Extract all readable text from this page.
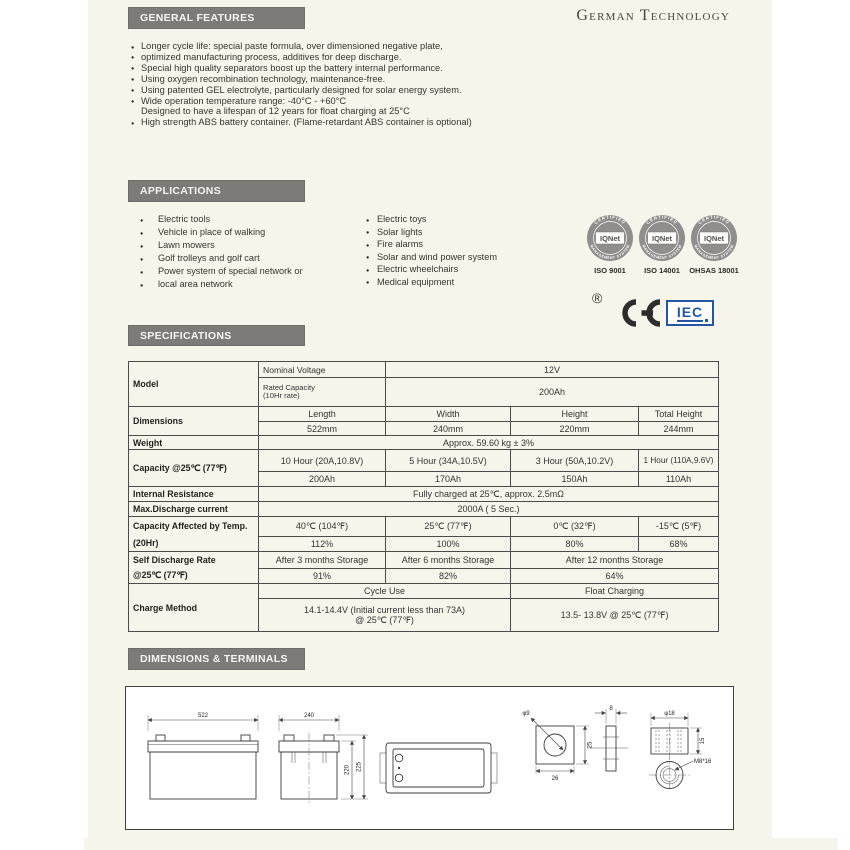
GENERAL FEATURES	German Technology
● Longer cycle life: special paste formula, over dimensioned negative plate,
● optimized manufacturing process, additives for deep discharge.
● Special high quality separators boost up the battery internal performance.
● Using oxygen recombination technology, maintenance-free.
● Using patented GEL electrolyte, particularly designed for solar energy system.
● Wide operation temperature range: -40°C - +60°C
Designed to have a lifespan of 12 years for float charging at 25°C
● High strength ABS battery container. (Flame-retardant ABS container is optional)
APPLICATIONS
● Electric tools
● Vehicle in place of walking
● Lawn mowers
● Golf trolleys and golf cart
● Power system of special network or
● local area network
● Electric toys
● Solar lights
● Fire alarms
● Solar and wind power system
● Electric wheelchairs
● Medical equipment
CERTIFIED
MANAGEMENT SYSTEM
IQNet
CERTIFIED
MANAGEMENT SYSTEM
IQNet
CERTIFIED
MANAGEMENT SYSTEM
IQNet
ISO 9001	ISO 14001	OHSAS 18001
®
IEC
SPECIFICATIONS
Model	Nominal Voltage	12V		

	Rated Capacity
(10Hr rate)	200Ah		
Dimensions	Length	Width	Height	Total Height
	522mm	240mm	220mm	244mm
Weight	Approx. 59.60 kg ± 3%			
Capacity @25℃ (77℉)	10 Hour (20A,10.8V)	5 Hour (34A,10.5V)	3 Hour (50A,10.2V)	1 Hour (110A,9.6V)
	200Ah	170Ah	150Ah	110Ah
Internal Resistance	Fully charged at 25℃, approx. 2.5mΩ			
Max.Discharge current	2000A ( 5 Sec.)			

Capacity Affected by Temp.
(20Hr)	40℃ (104℉)	25℃ (77℉)	0℃ (32℉)	-15℃ (5℉)
	112%	100%	80%	68%

Self Discharge Rate
@25℃ (77℉)	After 3 months Storage	After 6 months Storage	After 12 months Storage	
	91%	82%	64%	
Charge Method	Cycle Use		Float Charging	

	14.1-14.4V (Initial current less than 73A)
@ 25℃ (77℉)		13.5- 13.8V @ 25℃ (77℉)	
DIMENSIONS & TERMINALS
522	240
220 225
φ9
26
25
8
φ18
15
M8*16
